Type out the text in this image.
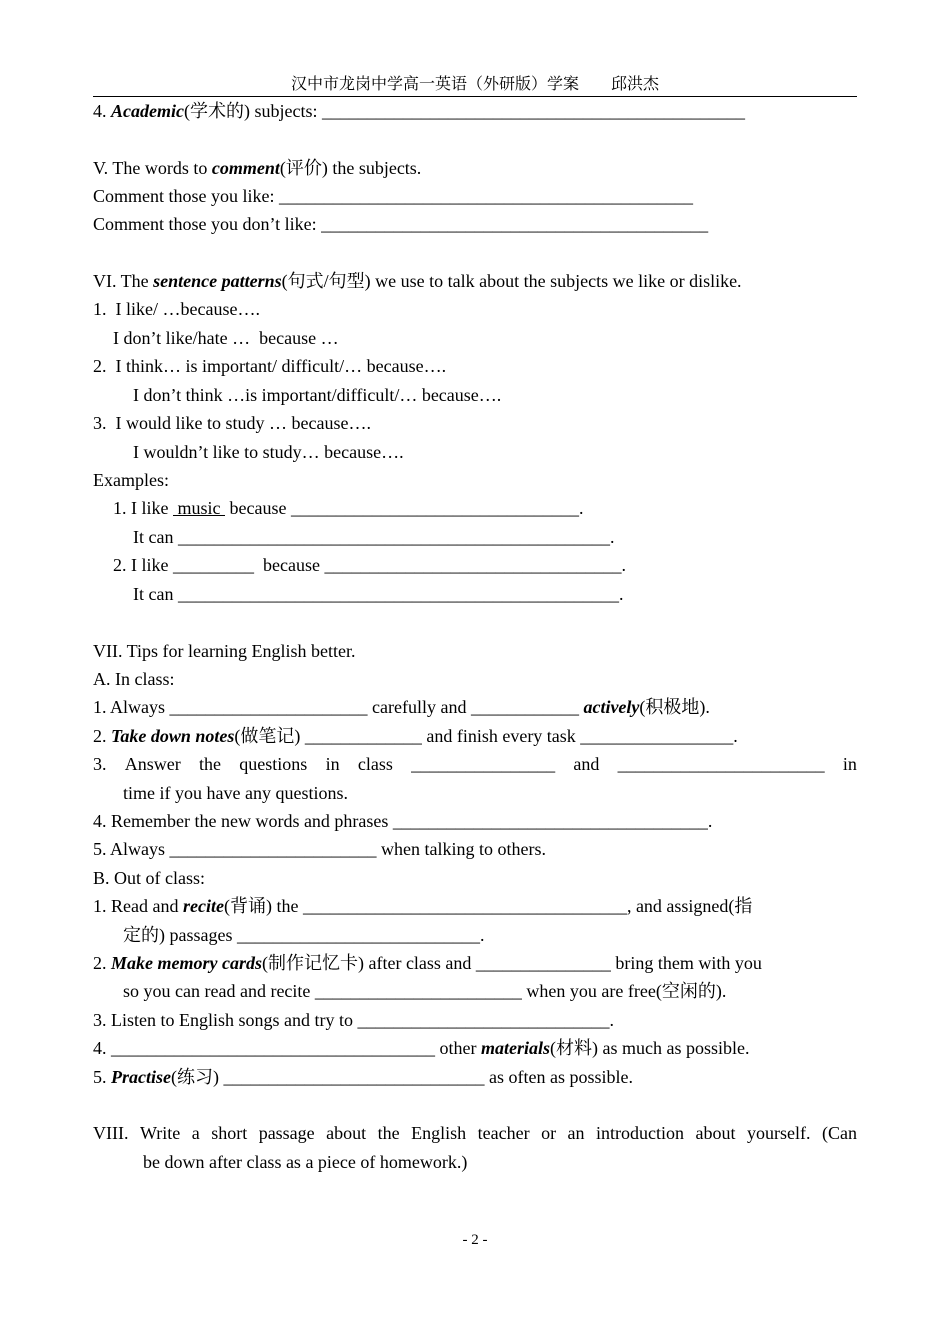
汉中市龙岗中学高一英语（外研版）学案 邱洪杰
4. Academic(学术的) subjects: _______________________________________________
V. The words to comment(评价) the subjects.
Comment those you like: ______________________________________________
Comment those you don’t like: ___________________________________________
VI. The sentence patterns(句式/句型) we use to talk about the subjects we like or dislike.
1.  I like/ …because….
I don’t like/hate …  because …
2.  I think… is important/ difficult/… because….
I don’t think …is important/difficult/… because….
3.  I would like to study … because….
I wouldn’t like to study… because….
Examples:
1. I like  music  because ________________________________.
It can ________________________________________________.
2. I like _________  because _________________________________.
It can _________________________________________________.
VII. Tips for learning English better.
A. In class:
1. Always ______________________ carefully and ____________ actively(积极地).
2. Take down notes(做笔记) _____________ and finish every task _________________.
3. Answer the questions in class ________________ and _______________________ in
time if you have any questions.
4. Remember the new words and phrases ___________________________________.
5. Always _______________________ when talking to others.
B. Out of class:
1. Read and recite(背诵) the ____________________________________, and assigned(指
定的) passages ___________________________.
2. Make memory cards(制作记忆卡) after class and _______________ bring them with you
so you can read and recite _______________________ when you are free(空闲的).
3. Listen to English songs and try to ____________________________.
4. ____________________________________ other materials(材料) as much as possible.
5. Practise(练习) _____________________________ as often as possible.
VIII. Write a short passage about the English teacher or an introduction about yourself. (Can
be down after class as a piece of homework.)
- 2 -
